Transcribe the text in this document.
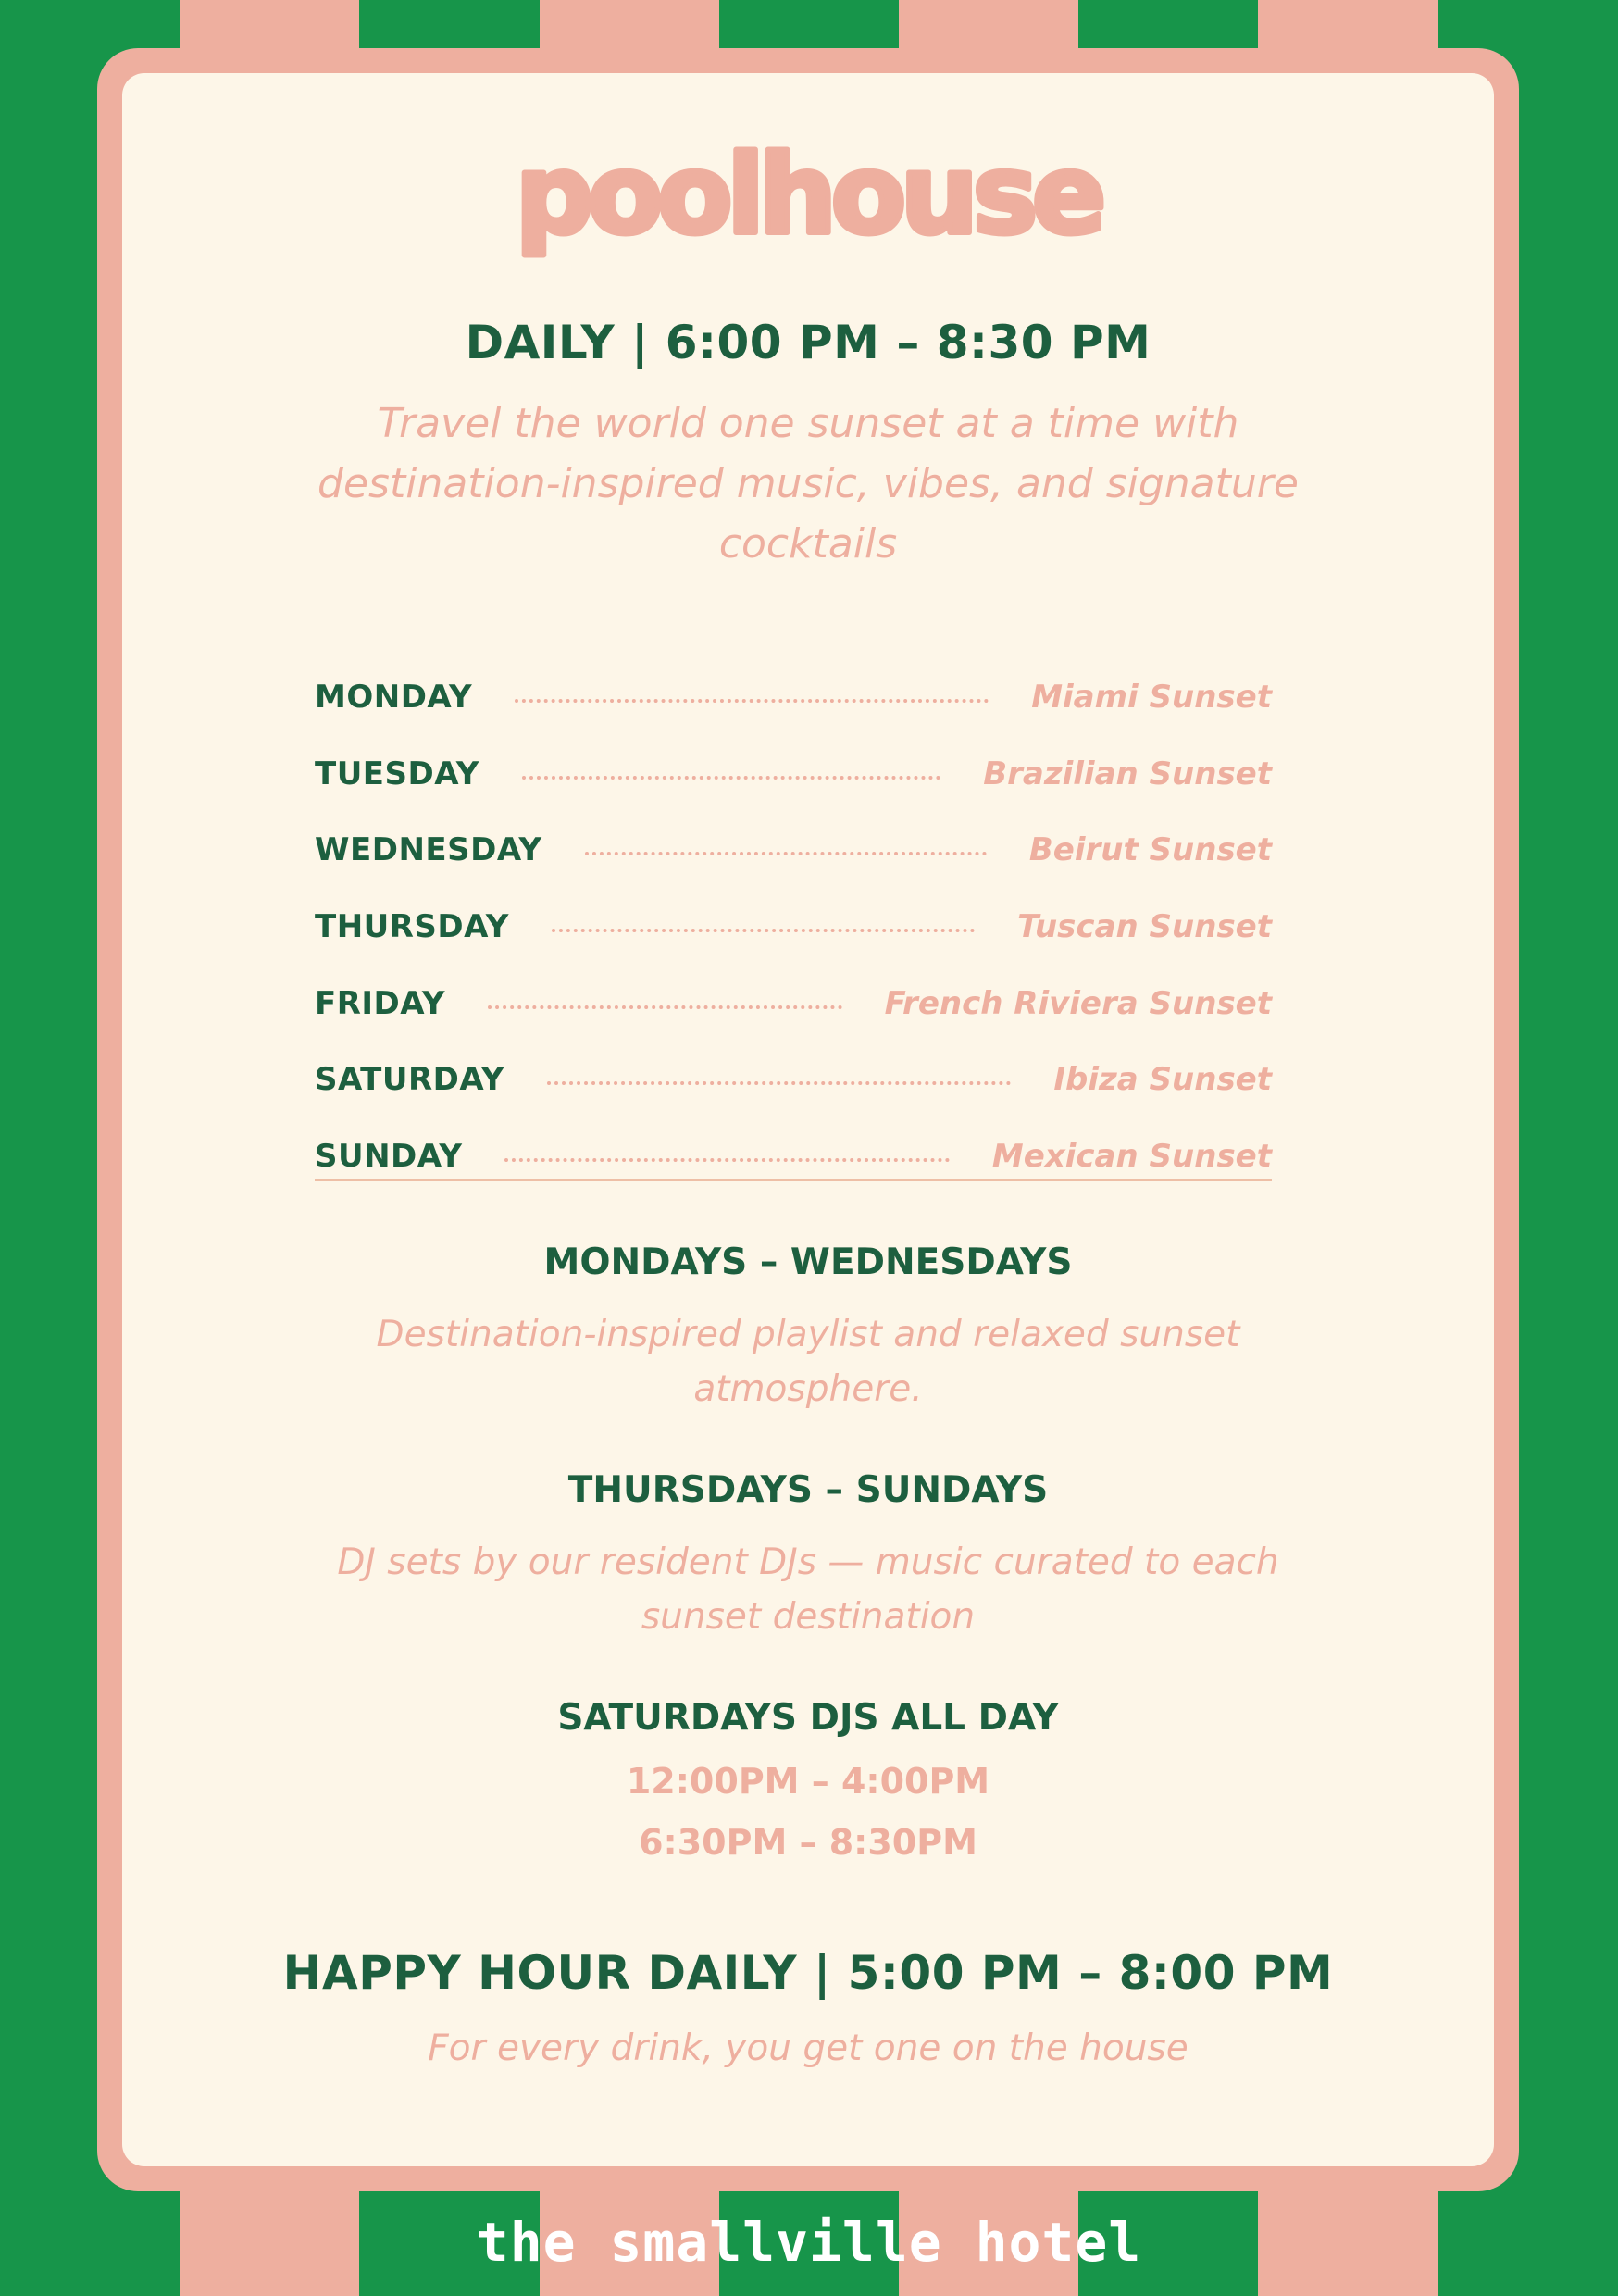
poolhouse
DAILY | 6:00 PM – 8:30 PM
Travel the world one sunset at a time with
destination-inspired music, vibes, and signature
cocktails
MONDAY	Miami Sunset
TUESDAY	Brazilian Sunset
WEDNESDAY	Beirut Sunset
THURSDAY	Tuscan Sunset
FRIDAY	French Riviera Sunset
SATURDAY	Ibiza Sunset
SUNDAY	Mexican Sunset
MONDAYS – WEDNESDAYS
Destination-inspired playlist and relaxed sunset
atmosphere.
THURSDAYS – SUNDAYS
DJ sets by our resident DJs — music curated to each
sunset destination
SATURDAYS DJS ALL DAY
12:00PM – 4:00PM
6:30PM – 8:30PM
HAPPY HOUR DAILY | 5:00 PM – 8:00 PM
For every drink, you get one on the house
the smallville hotel
